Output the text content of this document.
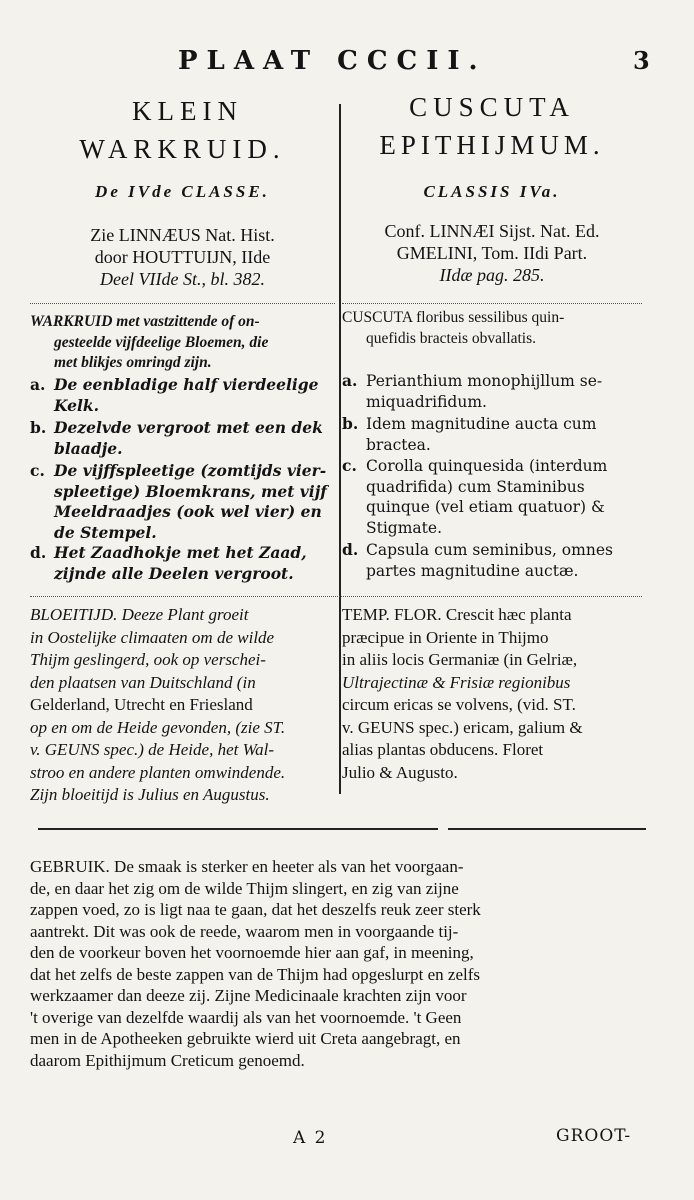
PLAAT CCCII.	3
KLEIN
WARKRUID.
De IVde CLASSE.
Zie LINNÆUS Nat. Hist.
door HOUTTUIJN, IIde
Deel VIIde St., bl. 382.
WARKRUID met vastzittende of on-
gesteelde vijfdeelige Bloemen, die
met blikjes omringd zijn.
a. De eenbladige half vierdeelige
Kelk.
b. Dezelvde vergroot met een dek
blaadje.
c. De vijffspleetige (zomtijds vier-
spleetige) Bloemkrans, met vijf
Meeldraadjes (ook wel vier) en
de Stempel.
d. Het Zaadhokje met het Zaad,
zijnde alle Deelen vergroot.
BLOEITIJD. Deeze Plant groeit
in Oostelijke climaaten om de wilde
Thijm geslingerd, ook op verschei-
den plaatsen van Duitschland (in
Gelderland, Utrecht en Friesland
op en om de Heide gevonden, (zie ST.
v. GEUNS spec.) de Heide, het Wal-
stroo en andere planten omwindende.
Zijn bloeitijd is Julius en Augustus.
CUSCUTA
EPITHIJMUM.
CLASSIS IVa.
Conf. LINNÆI Sijst. Nat. Ed.
GMELINI, Tom. IIdi Part.
IIdæ pag. 285.
CUSCUTA floribus sessilibus quin-
quefidis bracteis obvallatis.
a. Perianthium monophijllum se-
miquadrifidum.
b. Idem magnitudine aucta cum
bractea.
c. Corolla quinquesida (interdum
quadrifida) cum Staminibus
quinque (vel etiam quatuor) &
Stigmate.
d. Capsula cum seminibus, omnes
partes magnitudine auctæ.
TEMP. FLOR. Crescit hæc planta
præcipue in Oriente in Thijmo
in aliis locis Germaniæ (in Gelriæ,
Ultrajectinæ & Frisiæ regionibus
circum ericas se volvens, (vid. ST.
v. GEUNS spec.) ericam, galium &
alias plantas obducens. Floret
Julio & Augusto.
GEBRUIK. De smaak is sterker en heeter als van het voorgaan-
de, en daar het zig om de wilde Thijm slingert, en zig van zijne
zappen voed, zo is ligt naa te gaan, dat het deszelfs reuk zeer sterk
aantrekt. Dit was ook de reede, waarom men in voorgaande tij-
den de voorkeur boven het voornoemde hier aan gaf, in meening,
dat het zelfs de beste zappen van de Thijm had opgeslurpt en zelfs
werkzaamer dan deeze zij. Zijne Medicinaale krachten zijn voor
't overige van dezelfde waardij als van het voornoemde. 't Geen
men in de Apotheeken gebruikte wierd uit Creta aangebragt, en
daarom Epithijmum Creticum genoemd.
A 2	GROOT-
